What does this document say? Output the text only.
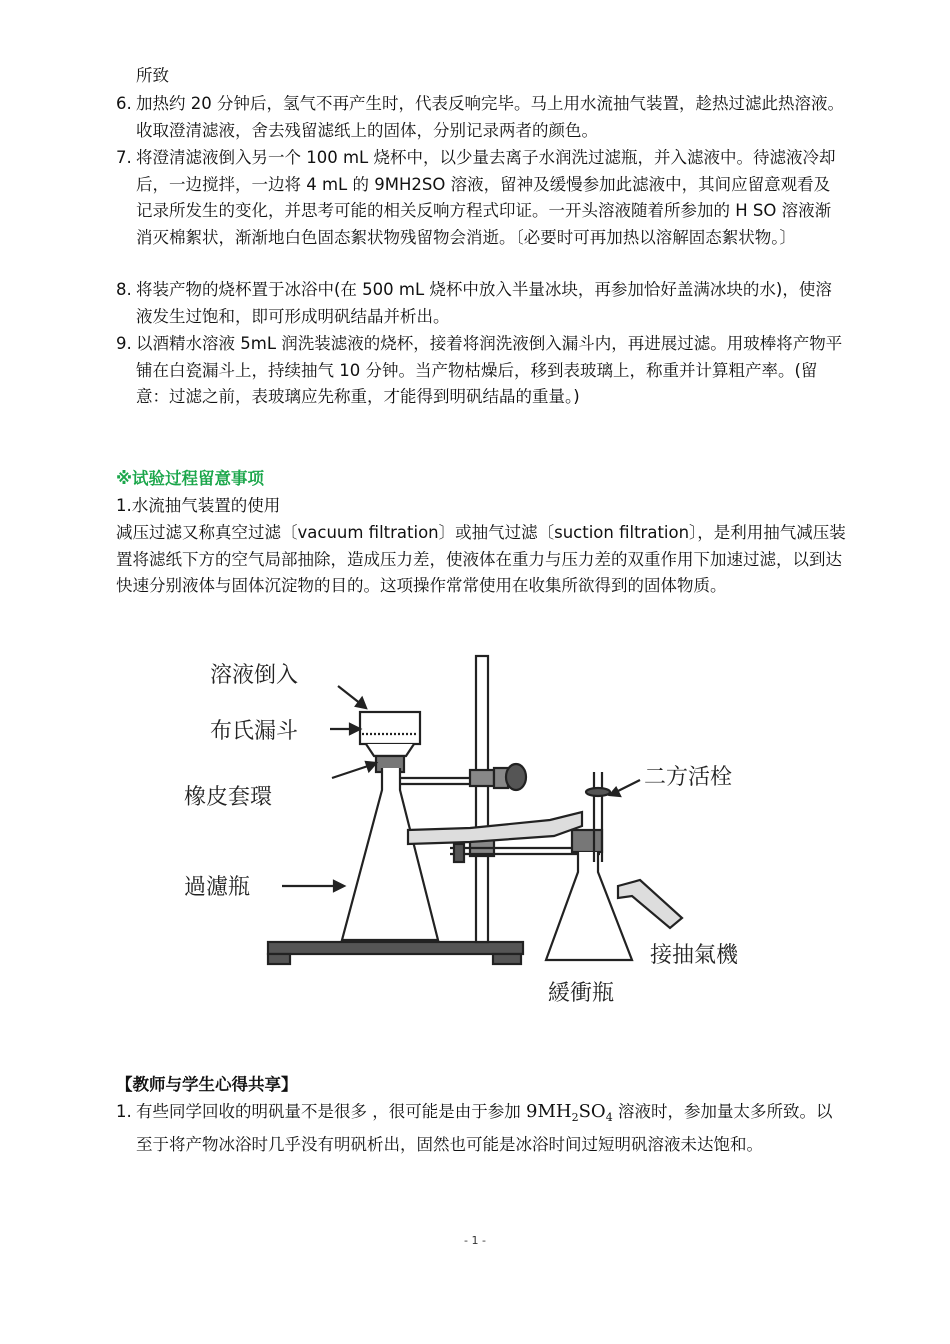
所致
6. 加热约 20 分钟后，氢气不再产生时，代表反响完毕。马上用水流抽气装置，趁热过滤此热溶液。收取澄清滤液，舍去残留滤纸上的固体，分别记录两者的颜色。
7. 将澄清滤液倒入另一个 100 mL 烧杯中，以少量去离子水润洗过滤瓶，并入滤液中。待滤液冷却后，一边搅拌，一边将 4 mL 的 9MH2SO 溶液，留神及缓慢参加此滤液中，其间应留意观看及记录所发生的变化，并思考可能的相关反响方程式印证。一开头溶液随着所参加的 H SO 溶液渐消灭棉絮状，渐渐地白色固态絮状物残留物会消逝。〔必要时可再加热以溶解固态絮状物。〕
8. 将装产物的烧杯置于冰浴中(在 500 mL 烧杯中放入半量冰块，再参加恰好盖满冰块的水)，使溶液发生过饱和，即可形成明矾结晶并析出。
9. 以酒精水溶液 5mL 润洗装滤液的烧杯，接着将润洗液倒入漏斗内，再进展过滤。用玻棒将产物平铺在白瓷漏斗上，持续抽气 10 分钟。当产物枯燥后，移到表玻璃上，称重并计算粗产率。(留意：过滤之前，表玻璃应先称重，才能得到明矾结晶的重量。)
※试验过程留意事项
1.水流抽气装置的使用
减压过滤又称真空过滤〔vacuum filtration〕或抽气过滤〔suction filtration〕，是利用抽气减压装置将滤纸下方的空气局部抽除，造成压力差，使液体在重力与压力差的双重作用下加速过滤，以到达快速分别液体与固体沉淀物的目的。这项操作常常使用在收集所欲得到的固体物质。
溶液倒入
布氏漏斗
橡皮套環
過濾瓶
二方活栓
接抽氣機
緩衝瓶
【教师与学生心得共享】
1. 有些同学回收的明矾量不是很多 ，很可能是由于参加 $9MH_2SO_4$ 溶液时，参加量太多所致。以至于将产物冰浴时几乎没有明矾析出，固然也可能是冰浴时间过短明矾溶液未达饱和。
- 1 -
